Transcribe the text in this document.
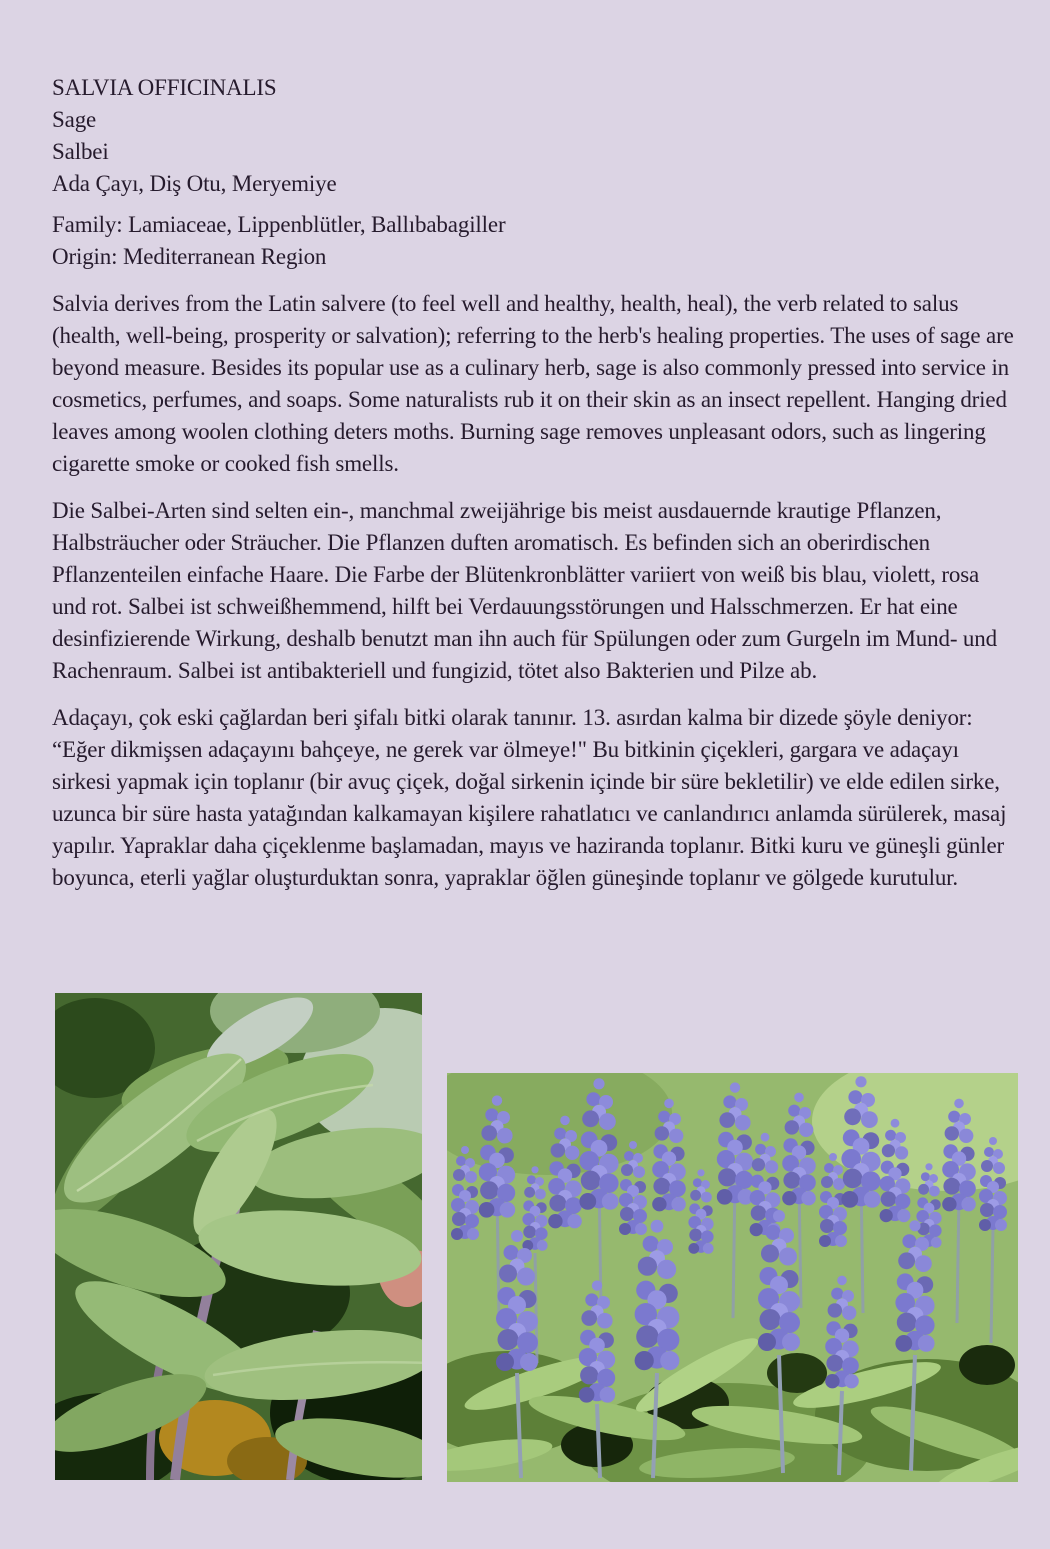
SALVIA OFFICINALIS
Sage
Salbei
Ada Çayı, Diş Otu, Meryemiye
Family: Lamiaceae, Lippenblütler, Ballıbabagiller
Origin: Mediterranean Region

Salvia derives from the Latin salvere (to feel well and healthy, health, heal), the verb related to salus (health, well-being, prosperity or salvation); referring to the herb's healing properties. The uses of sage are beyond measure. Besides its popular use as a culinary herb, sage is also commonly pressed into service in cosmetics, perfumes, and soaps. Some naturalists rub it on their skin as an insect repellent. Hanging dried leaves among woolen clothing deters moths. Burning sage removes unpleasant odors, such as lingering cigarette smoke or cooked fish smells.

Die Salbei-Arten sind selten ein-, manchmal zweijährige bis meist ausdauernde krautige Pflanzen, Halbsträucher oder Sträucher. Die Pflanzen duften aromatisch. Es befinden sich an oberirdischen Pflanzenteilen einfache Haare. Die Farbe der Blütenkronblätter variiert von weiß bis blau, violett, rosa und rot. Salbei ist schweißhemmend, hilft bei Verdauungsstörungen und Halsschmerzen. Er hat eine desinfizierende Wirkung, deshalb benutzt man ihn auch für Spülungen oder zum Gurgeln im Mund- und Rachenraum. Salbei ist antibakteriell und fungizid, tötet also Bakterien und Pilze ab.

Adaçayı, çok eski çağlardan beri şifalı bitki olarak tanınır. 13. asırdan kalma bir dizede şöyle deniyor: “Eğer dikmişsen adaçayını bahçeye, ne gerek var ölmeye!" Bu bitkinin çiçekleri, gargara ve adaçayı sirkesi yapmak için toplanır (bir avuç çiçek, doğal sirkenin içinde bir süre bekletilir) ve elde edilen sirke, uzunca bir süre hasta yatağından kalkamayan kişilere rahatlatıcı ve canlandırıcı anlamda sürülerek, masaj yapılır. Yapraklar daha çiçeklenme başlamadan, mayıs ve haziranda toplanır. Bitki kuru ve güneşli günler boyunca, eterli yağlar oluşturduktan sonra, yapraklar öğlen güneşinde toplanır ve gölgede kurutulur.
